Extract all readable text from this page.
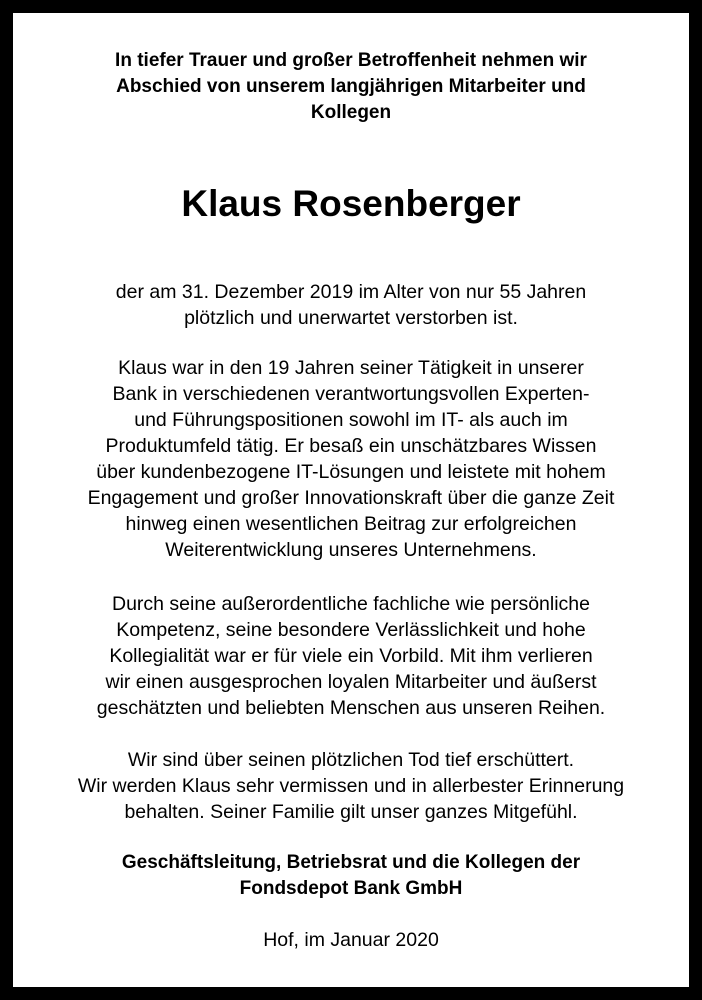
In tiefer Trauer und großer Betroffenheit nehmen wir
Abschied von unserem langjährigen Mitarbeiter und
Kollegen
Klaus Rosenberger
der am 31. Dezember 2019 im Alter von nur 55 Jahren
plötzlich und unerwartet verstorben ist.
Klaus war in den 19 Jahren seiner Tätigkeit in unserer
Bank in verschiedenen verantwortungsvollen Experten-
und Führungspositionen sowohl im IT- als auch im
Produktumfeld tätig. Er besaß ein unschätzbares Wissen
über kundenbezogene IT-Lösungen und leistete mit hohem
Engagement und großer Innovationskraft über die ganze Zeit
hinweg einen wesentlichen Beitrag zur erfolgreichen
Weiterentwicklung unseres Unternehmens.
Durch seine außerordentliche fachliche wie persönliche
Kompetenz, seine besondere Verlässlichkeit und hohe
Kollegialität war er für viele ein Vorbild. Mit ihm verlieren
wir einen ausgesprochen loyalen Mitarbeiter und äußerst
geschätzten und beliebten Menschen aus unseren Reihen.
Wir sind über seinen plötzlichen Tod tief erschüttert.
Wir werden Klaus sehr vermissen und in allerbester Erinnerung
behalten. Seiner Familie gilt unser ganzes Mitgefühl.
Geschäftsleitung, Betriebsrat und die Kollegen der
Fondsdepot Bank GmbH
Hof, im Januar 2020
